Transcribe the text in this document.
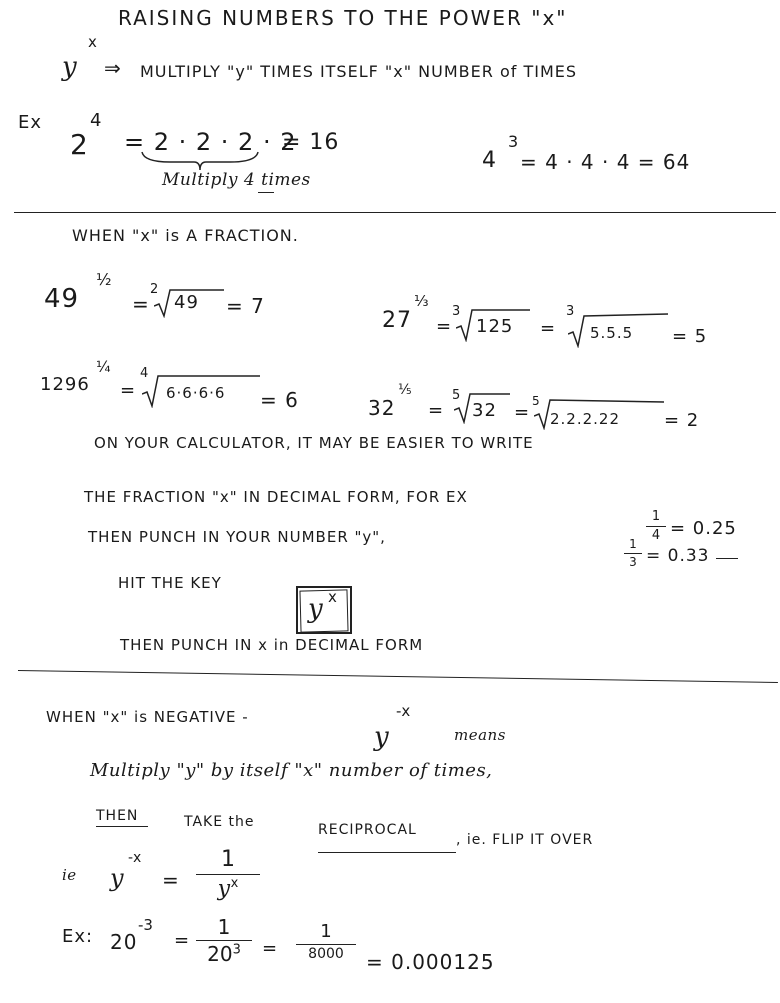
RAISING NUMBERS TO THE POWER "x"
y
x
⇒ MULTIPLY "y" TIMES ITSELF "x" NUMBER of TIMES
Ex
2
4
= 2 · 2 · 2 · 2
= 16
Multiply 4 times
4
3
= 4 · 4 · 4 = 64
WHEN "x" is A FRACTION.
49
½
=
2
49 = 7
27
⅓
=
3
125 =
3
5.5.5 = 5
1296
¼
=
4
6·6·6·6 = 6	32
⅕
=
5
32 =
5
2.2.2.22 = 2
ON YOUR CALCULATOR, IT MAY BE EASIER TO WRITE
THE FRACTION "x" IN DECIMAL FORM, FOR EX
1
4 = 0.25
1
3 = 0.33
THEN PUNCH IN YOUR NUMBER "y",
HIT THE KEY
y x
THEN PUNCH IN x in DECIMAL FORM
WHEN "x" is NEGATIVE -
y
-x
means
Multiply "y" by itself "x" number of times,
THEN	TAKE the	RECIPROCAL
, ie. FLIP IT OVER
ie y
-x
=
1
$y^x$
Ex: 20
-3
=
1
$20^3$	=
1
8000	= 0.000125
